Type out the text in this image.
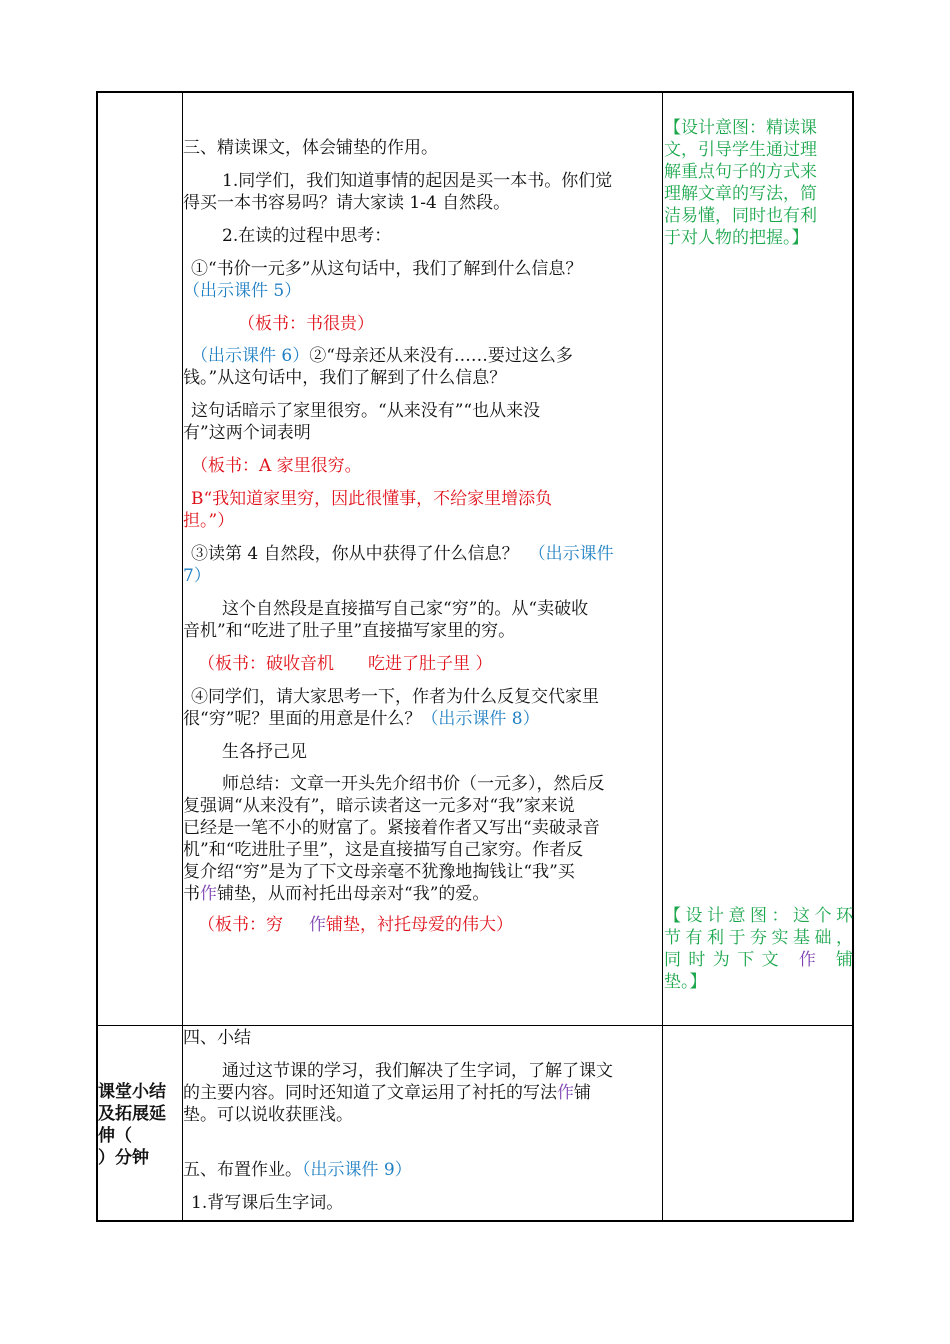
三、精读课文，体会铺垫的作用。
1.同学们，我们知道事情的起因是买一本书。你们觉
得买一本书容易吗？请大家读 1-4 自然段。
2.在读的过程中思考：
①“书价一元多”从这句话中，我们了解到什么信息？
（出示课件 5）
（板书：书很贵）
（出示课件 6）②“母亲还从来没有……要过这么多
钱。”从这句话中，我们了解到了什么信息？
这句话暗示了家里很穷。“从来没有”“也从来没
有”这两个词表明
（板书：A 家里很穷。
B“我知道家里穷，因此很懂事，不给家里增添负
担。”）
③读第 4 自然段，你从中获得了什么信息？ （出示课件
7）
这个自然段是直接描写自己家“穷”的。从“卖破收
音机”和“吃进了肚子里”直接描写家里的穷。
（板书：破收音机　　吃进了肚子里 ）
④同学们，请大家思考一下，作者为什么反复交代家里
很“穷”呢？里面的用意是什么？（出示课件 8）
生各抒己见
师总结：文章一开头先介绍书价（一元多），然后反
复强调“从来没有”，暗示读者这一元多对“我”家来说
已经是一笔不小的财富了。紧接着作者又写出“卖破录音
机”和“吃进肚子里”，这是直接描写自己家穷。作者反
复介绍“穷”是为了下文母亲毫不犹豫地掏钱让“我”买
书作铺垫，从而衬托出母亲对“我”的爱。
（板书：穷 作铺垫，衬托母爱的伟大）
【设计意图：精读课
文，引导学生通过理
解重点句子的方式来
理解文章的写法，简
洁易懂，同时也有利
于对人物的把握。】
【设计意图：这个环
节有利于夯实基础，
同时为下文 作 铺
垫。】
课堂小结
及拓展延
伸（
）分钟
四、小结
通过这节课的学习，我们解决了生字词，了解了课文
的主要内容。同时还知道了文章运用了衬托的写法作铺
垫。可以说收获匪浅。
五、布置作业。（出示课件 9）
1.背写课后生字词。
